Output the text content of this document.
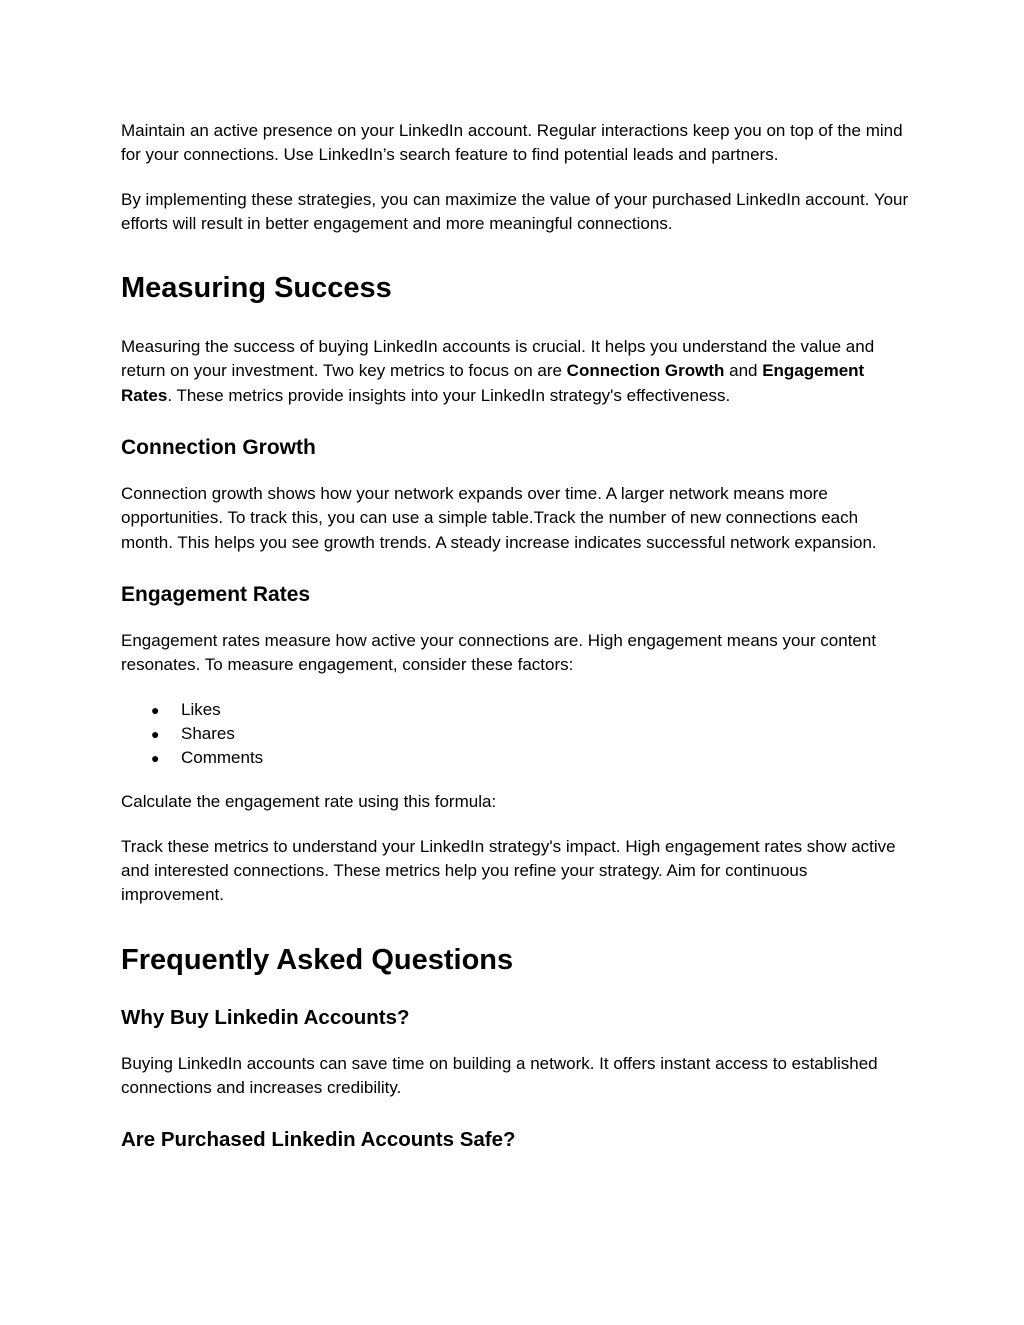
Maintain an active presence on your LinkedIn account. Regular interactions keep you on top of the mind for your connections. Use LinkedIn’s search feature to find potential leads and partners.

By implementing these strategies, you can maximize the value of your purchased LinkedIn account. Your efforts will result in better engagement and more meaningful connections.

Measuring Success

Measuring the success of buying LinkedIn accounts is crucial. It helps you understand the value and return on your investment. Two key metrics to focus on are Connection Growth and Engagement Rates. These metrics provide insights into your LinkedIn strategy's effectiveness.

Connection Growth

Connection growth shows how your network expands over time. A larger network means more opportunities. To track this, you can use a simple table.Track the number of new connections each month. This helps you see growth trends. A steady increase indicates successful network expansion.

Engagement Rates

Engagement rates measure how active your connections are. High engagement means your content resonates. To measure engagement, consider these factors:

● Likes
● Shares
● Comments

Calculate the engagement rate using this formula:

Track these metrics to understand your LinkedIn strategy's impact. High engagement rates show active and interested connections. These metrics help you refine your strategy. Aim for continuous improvement.

Frequently Asked Questions
Why Buy Linkedin Accounts?

Buying LinkedIn accounts can save time on building a network. It offers instant access to established connections and increases credibility.

Are Purchased Linkedin Accounts Safe?
